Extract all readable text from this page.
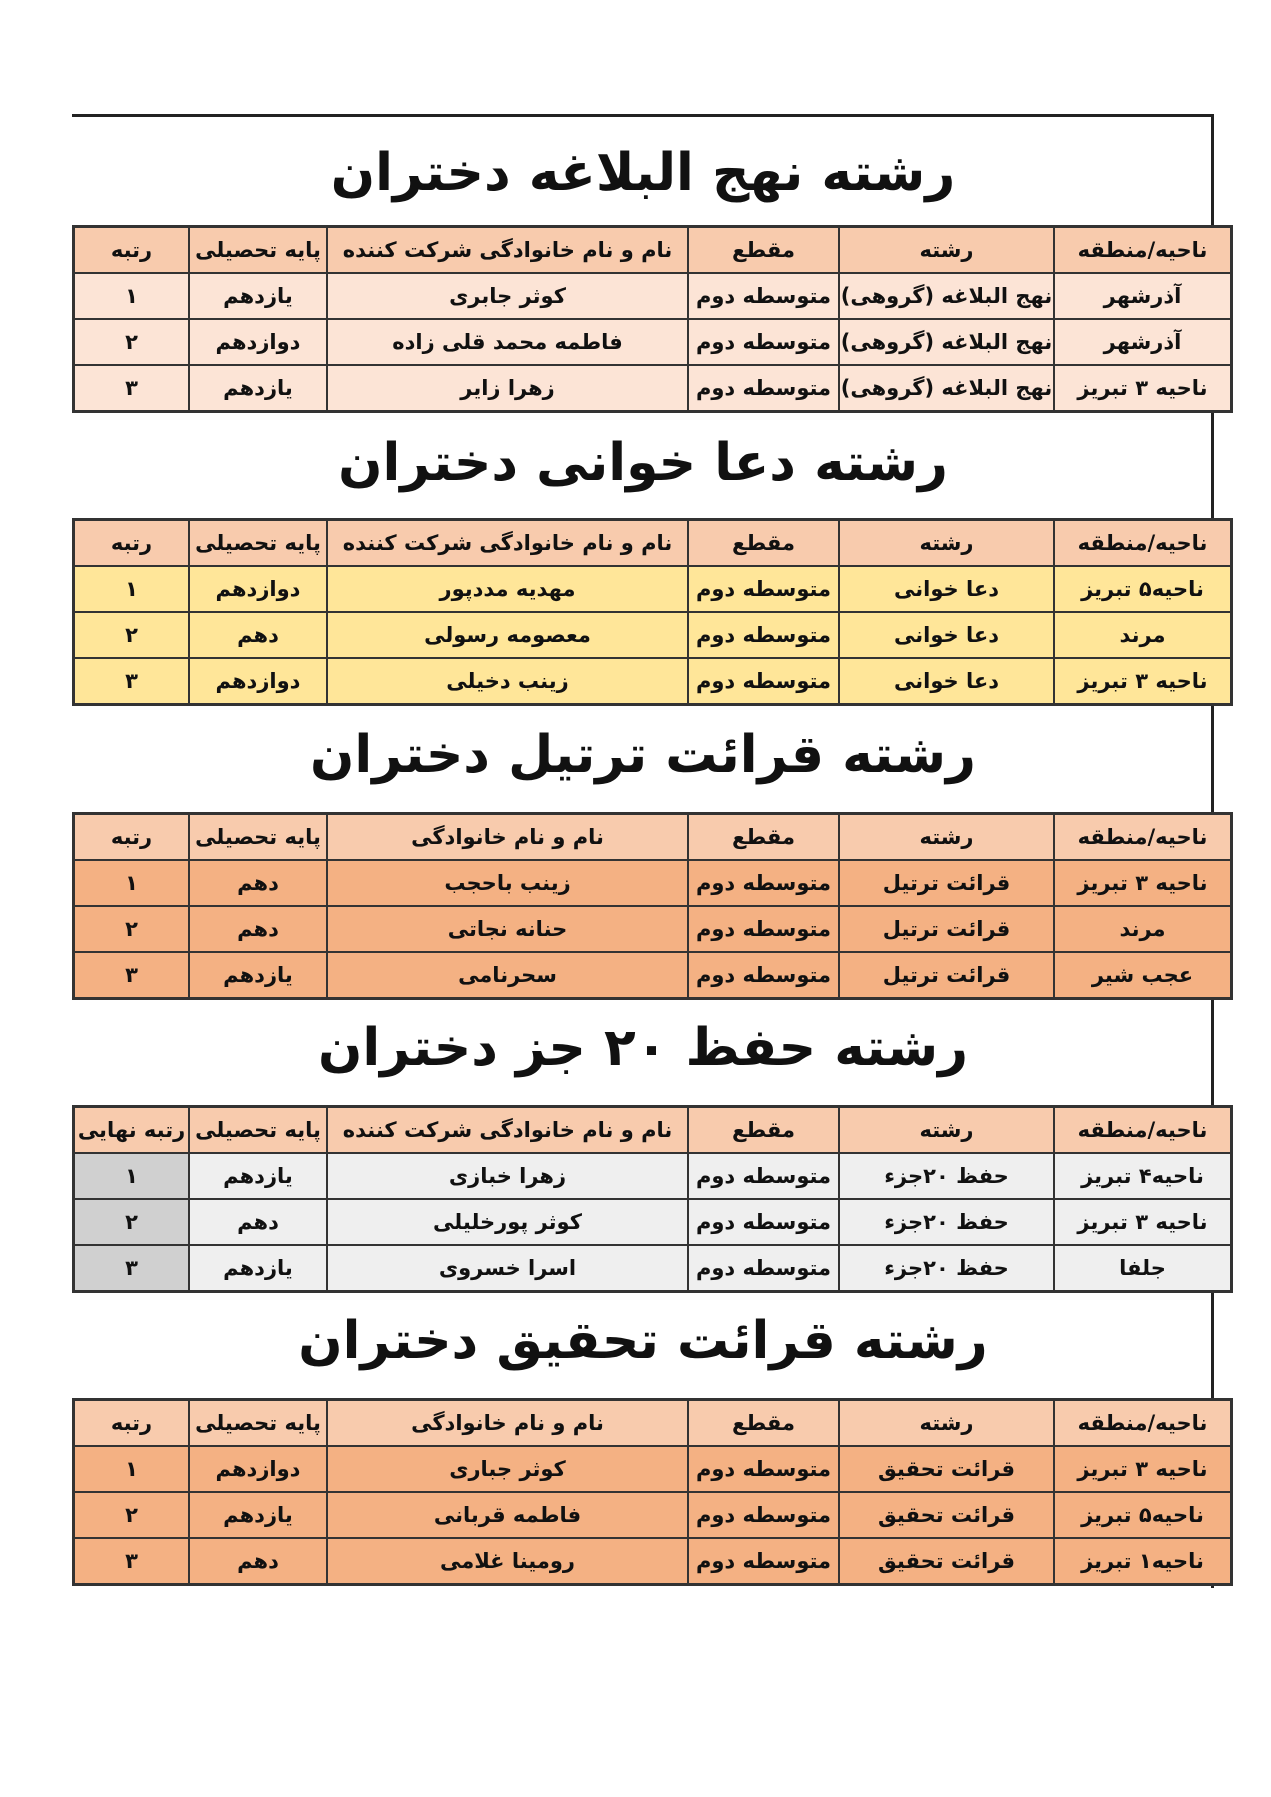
رشته نهج البلاغه دختران
ناحیه/منطقه	رشته	مقطع	نام و نام خانوادگی شرکت کننده	پایه تحصیلی	رتبه
آذرشهر	نهج البلاغه (گروهی)	متوسطه دوم	کوثر جابری	یازدهم	۱
آذرشهر	نهج البلاغه (گروهی)	متوسطه دوم	فاطمه محمد قلی زاده	دوازدهم	۲
ناحیه ۳ تبریز	نهج البلاغه (گروهی)	متوسطه دوم	زهرا زایر	یازدهم	۳
رشته دعا خوانی دختران
ناحیه/منطقه	رشته	مقطع	نام و نام خانوادگی شرکت کننده	پایه تحصیلی	رتبه
ناحیه۵ تبریز	دعا خوانی	متوسطه دوم	مهدیه مددپور	دوازدهم	۱
مرند	دعا خوانی	متوسطه دوم	معصومه رسولی	دهم	۲
ناحیه ۳ تبریز	دعا خوانی	متوسطه دوم	زینب دخیلی	دوازدهم	۳
رشته قرائت ترتیل دختران
ناحیه/منطقه	رشته	مقطع	نام و نام خانوادگی	پایه تحصیلی	رتبه
ناحیه ۳ تبریز	قرائت ترتیل	متوسطه دوم	زینب باحجب	دهم	۱
مرند	قرائت ترتیل	متوسطه دوم	حنانه نجاتی	دهم	۲
عجب شیر	قرائت ترتیل	متوسطه دوم	سحرنامی	یازدهم	۳
رشته حفظ ۲۰ جز دختران
ناحیه/منطقه	رشته	مقطع	نام و نام خانوادگی شرکت کننده	پایه تحصیلی	رتبه نهایی
ناحیه۴ تبریز	حفظ ۲۰جزء	متوسطه دوم	زهرا خبازی	یازدهم	۱
ناحیه ۳ تبریز	حفظ ۲۰جزء	متوسطه دوم	کوثر پورخلیلی	دهم	۲
جلفا	حفظ ۲۰جزء	متوسطه دوم	اسرا خسروی	یازدهم	۳
رشته قرائت تحقیق دختران
ناحیه/منطقه	رشته	مقطع	نام و نام خانوادگی	پایه تحصیلی	رتبه
ناحیه ۳ تبریز	قرائت تحقیق	متوسطه دوم	کوثر جباری	دوازدهم	۱
ناحیه۵ تبریز	قرائت تحقیق	متوسطه دوم	فاطمه قربانی	یازدهم	۲
ناحیه۱ تبریز	قرائت تحقیق	متوسطه دوم	رومینا غلامی	دهم	۳
